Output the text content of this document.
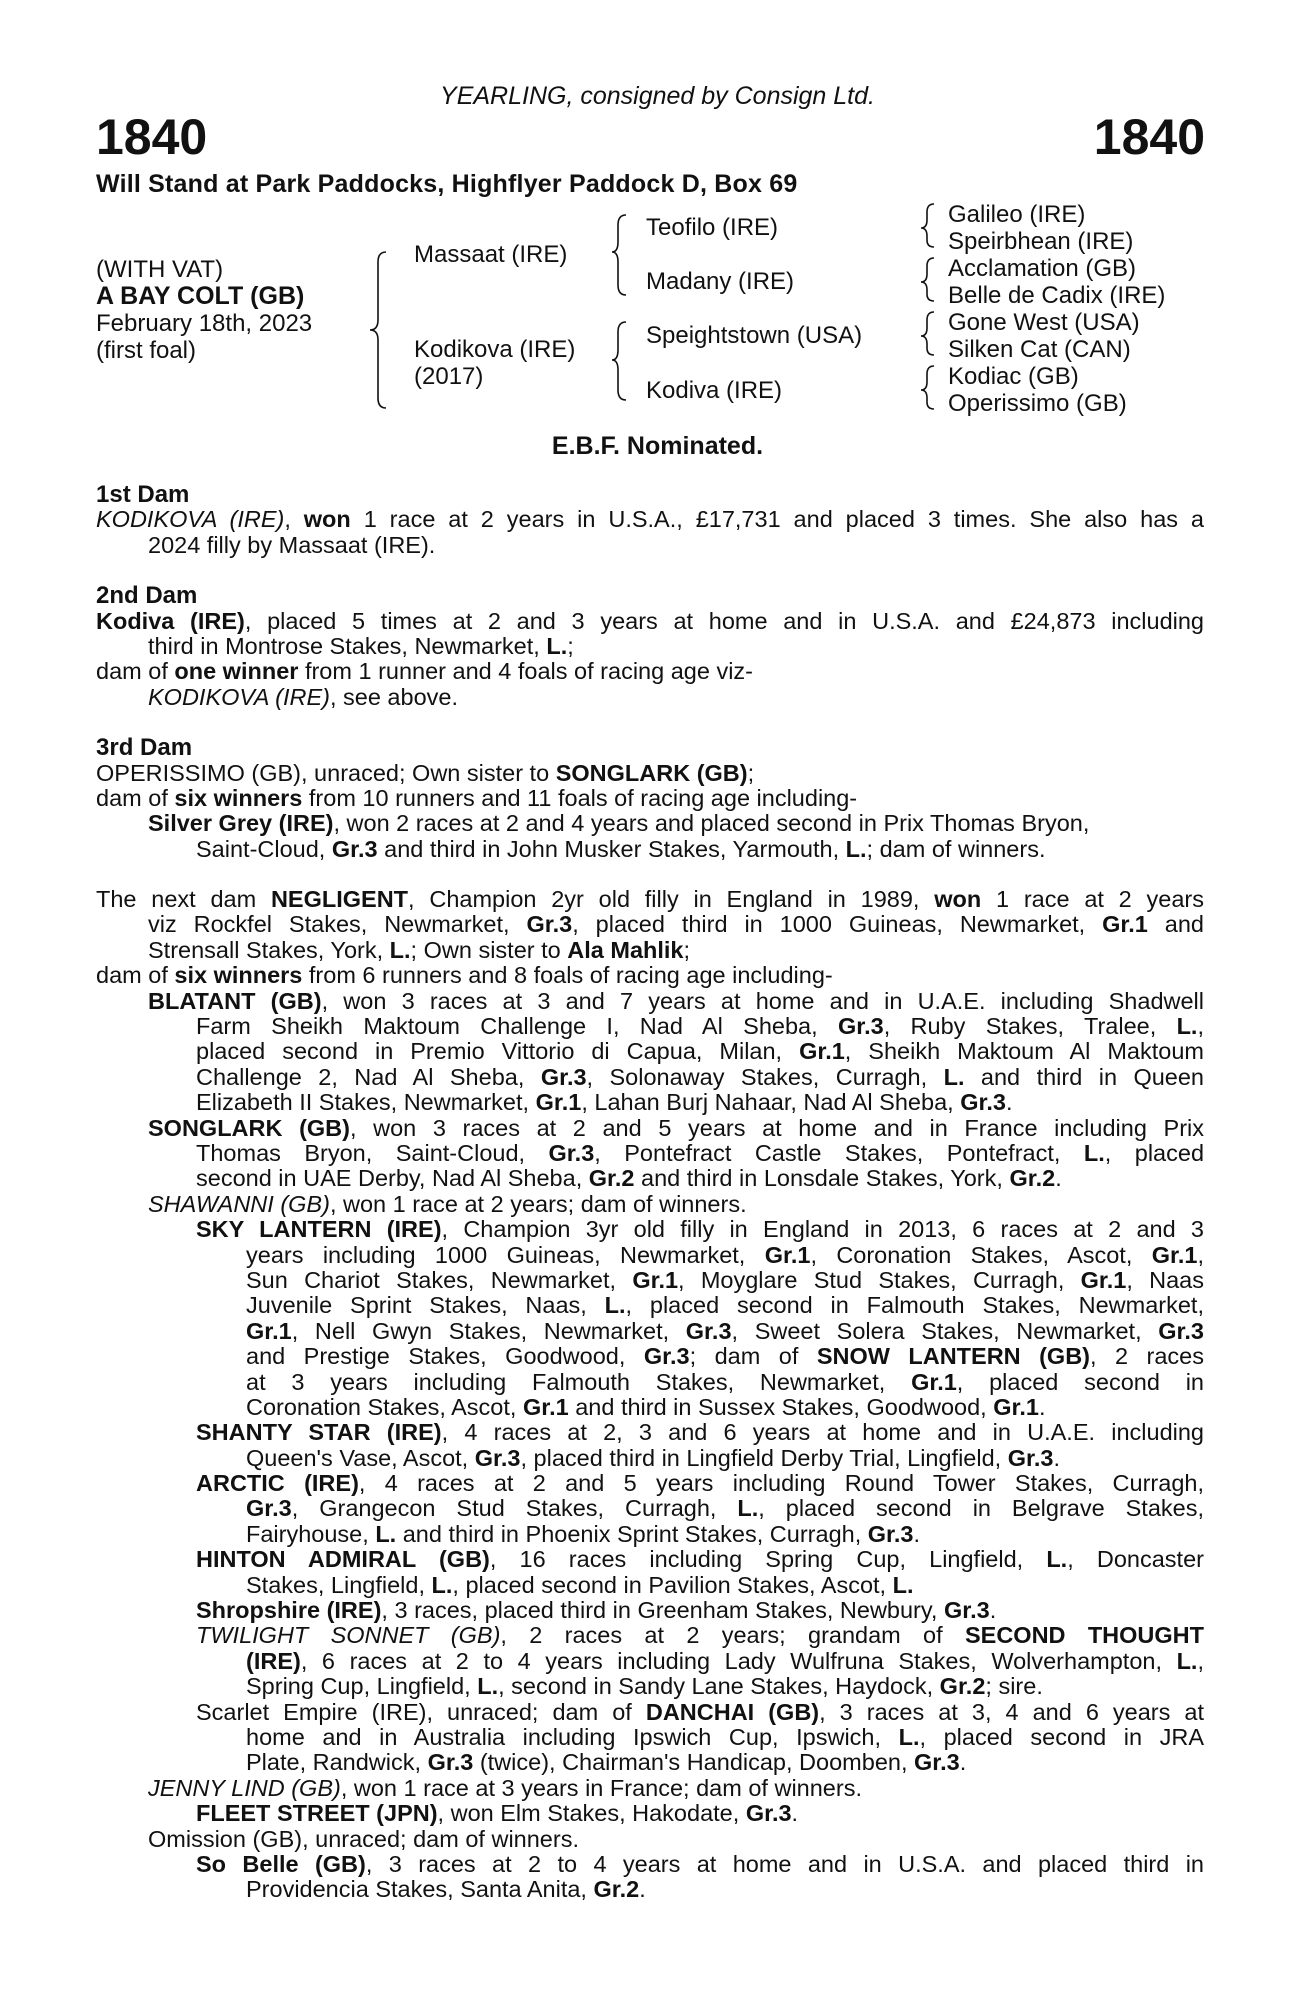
YEARLING, consigned by Consign Ltd.
1840	1840
Will Stand at Park Paddocks, Highflyer Paddock D, Box 69
(WITH VAT)
A BAY COLT (GB)
February 18th, 2023
(first foal)
Massaat (IRE)
Kodikova (IRE)
(2017)
Teofilo (IRE)
Madany (IRE)
Speightstown (USA)
Kodiva (IRE)
Galileo (IRE)
Speirbhean (IRE)
Acclamation (GB)
Belle de Cadix (IRE)
Gone West (USA)
Silken Cat (CAN)
Kodiac (GB)
Operissimo (GB)
E.B.F. Nominated.
1st Dam
KODIKOVA (IRE), won 1 race at 2 years in U.S.A., £17,731 and placed 3 times. She also has a
2024 filly by Massaat (IRE).
2nd Dam
Kodiva (IRE), placed 5 times at 2 and 3 years at home and in U.S.A. and £24,873 including
third in Montrose Stakes, Newmarket, L.;
dam of one winner from 1 runner and 4 foals of racing age viz-
KODIKOVA (IRE), see above.
3rd Dam
OPERISSIMO (GB), unraced; Own sister to SONGLARK (GB);
dam of six winners from 10 runners and 11 foals of racing age including-
Silver Grey (IRE), won 2 races at 2 and 4 years and placed second in Prix Thomas Bryon,
Saint-Cloud, Gr.3 and third in John Musker Stakes, Yarmouth, L.; dam of winners.
The next dam NEGLIGENT, Champion 2yr old filly in England in 1989, won 1 race at 2 years
viz Rockfel Stakes, Newmarket, Gr.3, placed third in 1000 Guineas, Newmarket, Gr.1 and
Strensall Stakes, York, L.; Own sister to Ala Mahlik;
dam of six winners from 6 runners and 8 foals of racing age including-
BLATANT (GB), won 3 races at 3 and 7 years at home and in U.A.E. including Shadwell
Farm Sheikh Maktoum Challenge I, Nad Al Sheba, Gr.3, Ruby Stakes, Tralee, L.,
placed second in Premio Vittorio di Capua, Milan, Gr.1, Sheikh Maktoum Al Maktoum
Challenge 2, Nad Al Sheba, Gr.3, Solonaway Stakes, Curragh, L. and third in Queen
Elizabeth II Stakes, Newmarket, Gr.1, Lahan Burj Nahaar, Nad Al Sheba, Gr.3.
SONGLARK (GB), won 3 races at 2 and 5 years at home and in France including Prix
Thomas Bryon, Saint-Cloud, Gr.3, Pontefract Castle Stakes, Pontefract, L., placed
second in UAE Derby, Nad Al Sheba, Gr.2 and third in Lonsdale Stakes, York, Gr.2.
SHAWANNI (GB), won 1 race at 2 years; dam of winners.
SKY LANTERN (IRE), Champion 3yr old filly in England in 2013, 6 races at 2 and 3
years including 1000 Guineas, Newmarket, Gr.1, Coronation Stakes, Ascot, Gr.1,
Sun Chariot Stakes, Newmarket, Gr.1, Moyglare Stud Stakes, Curragh, Gr.1, Naas
Juvenile Sprint Stakes, Naas, L., placed second in Falmouth Stakes, Newmarket,
Gr.1, Nell Gwyn Stakes, Newmarket, Gr.3, Sweet Solera Stakes, Newmarket, Gr.3
and Prestige Stakes, Goodwood, Gr.3; dam of SNOW LANTERN (GB), 2 races
at 3 years including Falmouth Stakes, Newmarket, Gr.1, placed second in
Coronation Stakes, Ascot, Gr.1 and third in Sussex Stakes, Goodwood, Gr.1.
SHANTY STAR (IRE), 4 races at 2, 3 and 6 years at home and in U.A.E. including
Queen's Vase, Ascot, Gr.3, placed third in Lingfield Derby Trial, Lingfield, Gr.3.
ARCTIC (IRE), 4 races at 2 and 5 years including Round Tower Stakes, Curragh,
Gr.3, Grangecon Stud Stakes, Curragh, L., placed second in Belgrave Stakes,
Fairyhouse, L. and third in Phoenix Sprint Stakes, Curragh, Gr.3.
HINTON ADMIRAL (GB), 16 races including Spring Cup, Lingfield, L., Doncaster
Stakes, Lingfield, L., placed second in Pavilion Stakes, Ascot, L.
Shropshire (IRE), 3 races, placed third in Greenham Stakes, Newbury, Gr.3.
TWILIGHT SONNET (GB), 2 races at 2 years; grandam of SECOND THOUGHT
(IRE), 6 races at 2 to 4 years including Lady Wulfruna Stakes, Wolverhampton, L.,
Spring Cup, Lingfield, L., second in Sandy Lane Stakes, Haydock, Gr.2; sire.
Scarlet Empire (IRE), unraced; dam of DANCHAI (GB), 3 races at 3, 4 and 6 years at
home and in Australia including Ipswich Cup, Ipswich, L., placed second in JRA
Plate, Randwick, Gr.3 (twice), Chairman's Handicap, Doomben, Gr.3.
JENNY LIND (GB), won 1 race at 3 years in France; dam of winners.
FLEET STREET (JPN), won Elm Stakes, Hakodate, Gr.3.
Omission (GB), unraced; dam of winners.
So Belle (GB), 3 races at 2 to 4 years at home and in U.S.A. and placed third in
Providencia Stakes, Santa Anita, Gr.2.
